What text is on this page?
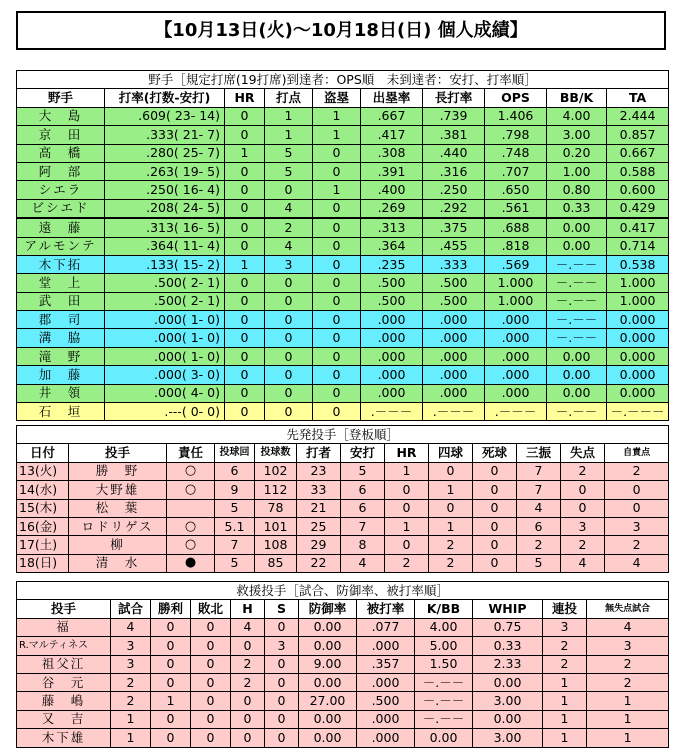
【10月13日(火)～10月18日(日) 個人成績】
野手［規定打席(19打席)到達者：OPS順　未到達者：安打、打率順］									
野手	打率(打数-安打)	HR	打点	盗塁	出塁率	長打率	OPS	BB/K	TA
大　島	.609( 23- 14)	0	1	1	.667	.739	1.406	4.00	2.444
京　田	.333( 21- 7)	0	1	1	.417	.381	.798	3.00	0.857
高　橋	.280( 25- 7)	1	5	0	.308	.440	.748	0.20	0.667
阿　部	.263( 19- 5)	0	5	0	.391	.316	.707	1.00	0.588
シエラ	.250( 16- 4)	0	0	1	.400	.250	.650	0.80	0.600
ビシエド	.208( 24- 5)	0	4	0	.269	.292	.561	0.33	0.429
遠　藤	.313( 16- 5)	0	2	0	.313	.375	.688	0.00	0.417
アルモンテ	.364( 11- 4)	0	4	0	.364	.455	.818	0.00	0.714
木下拓	.133( 15- 2)	1	3	0	.235	.333	.569	－.－－	0.538
堂　上	.500( 2- 1)	0	0	0	.500	.500	1.000	－.－－	1.000
武　田	.500( 2- 1)	0	0	0	.500	.500	1.000	－.－－	1.000
郡　司	.000( 1- 0)	0	0	0	.000	.000	.000	－.－－	0.000
溝　脇	.000( 1- 0)	0	0	0	.000	.000	.000	－.－－	0.000
滝　野	.000( 1- 0)	0	0	0	.000	.000	.000	0.00	0.000
加　藤	.000( 3- 0)	0	0	0	.000	.000	.000	0.00	0.000
井　領	.000( 4- 0)	0	0	0	.000	.000	.000	0.00	0.000
石　垣	.---( 0- 0)	0	0	0	.－－－	.－－－	.－－－	－.－－	－.－－－
先発投手［登板順］												
日付	投手	責任	投球回	投球数	打者	安打	HR	四球	死球	三振	失点	自責点
13(火)	勝　野	○	6	102	23	5	1	0	0	7	2	2
14(水)	大野雄	○	9	112	33	6	0	1	0	7	0	0
15(木)	松　葉		5	78	21	6	0	0	0	4	0	0
16(金)	ロドリゲス	○	5.1	101	25	7	1	1	0	6	3	3
17(土)	柳	○	7	108	29	8	0	2	0	2	2	2
18(日)	清　水	●	5	85	22	4	2	2	0	5	4	4
救援投手［試合、防御率、被打率順］											
投手	試合	勝利	敗北	H	S	防御率	被打率	K/BB	WHIP	連投	無失点試合
福	4	0	0	4	0	0.00	.077	4.00	0.75	3	4
R.マルティネス	3	0	0	0	3	0.00	.000	5.00	0.33	2	3
祖父江	3	0	0	2	0	9.00	.357	1.50	2.33	2	2
谷　元	2	0	0	2	0	0.00	.000	－.－－	0.00	1	2
藤　嶋	2	1	0	0	0	27.00	.500	－.－－	3.00	1	1
又　吉	1	0	0	0	0	0.00	.000	－.－－	0.00	1	1
木下雄	1	0	0	0	0	0.00	.000	0.00	3.00	1	1
